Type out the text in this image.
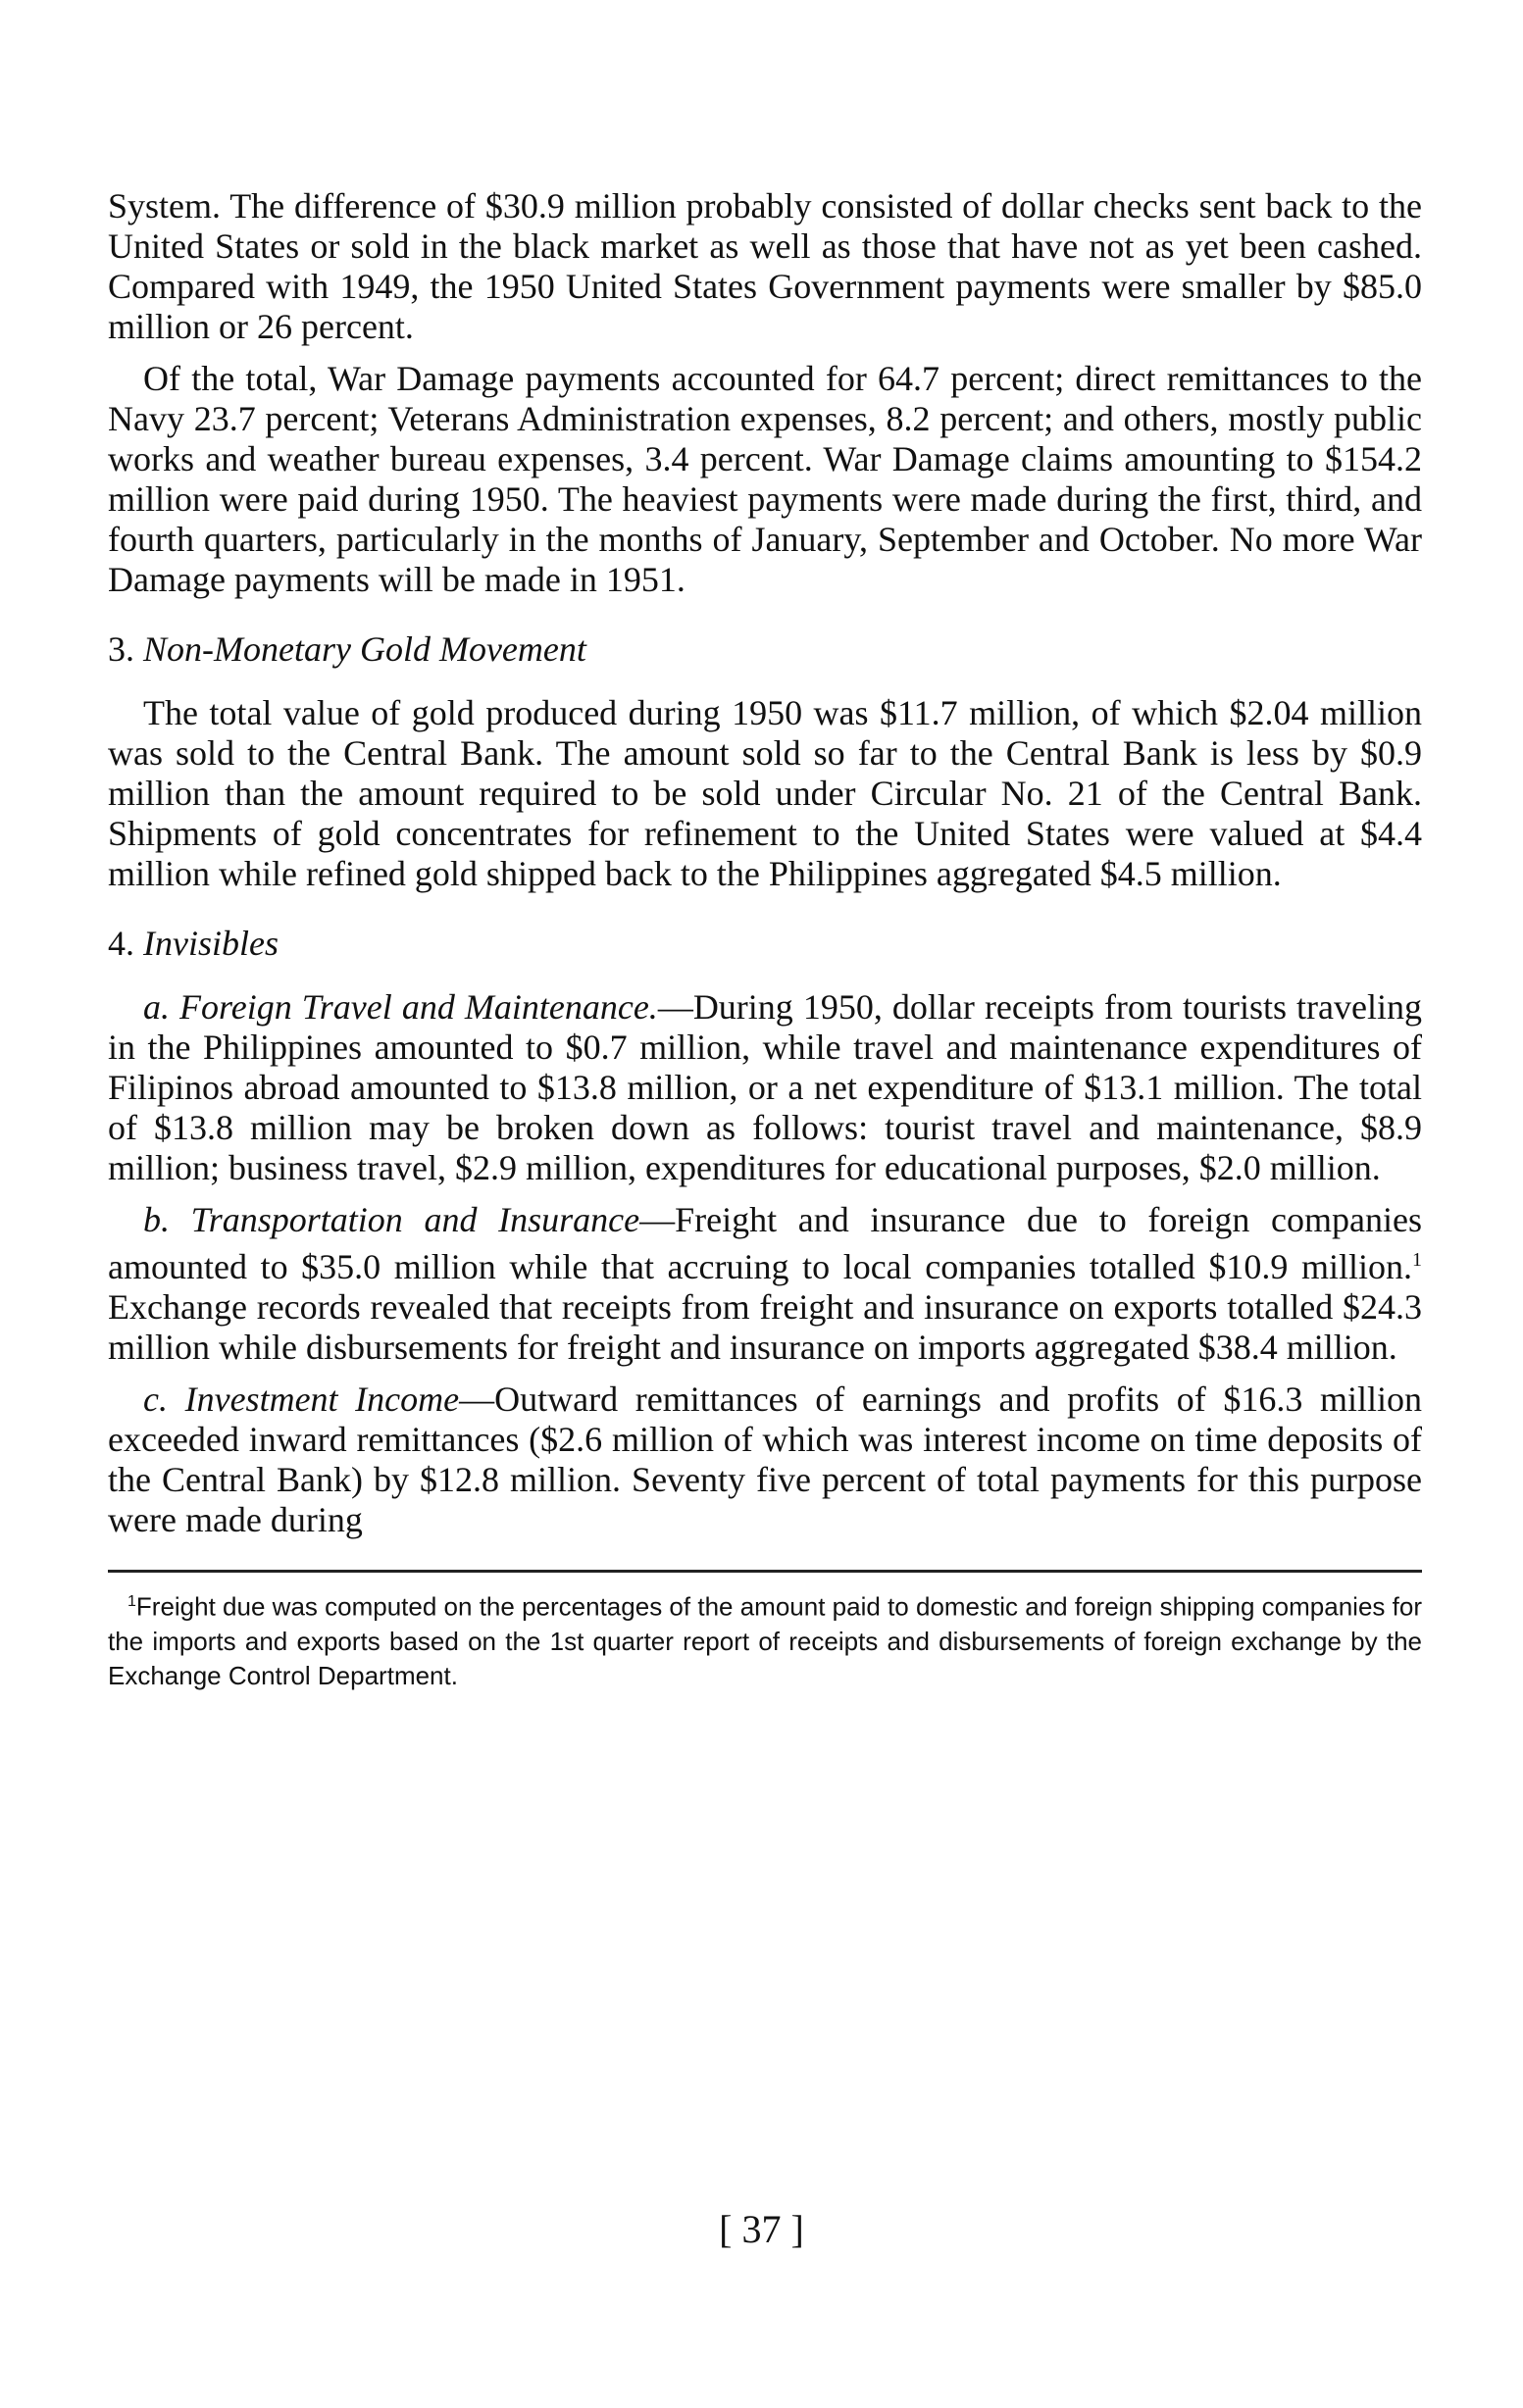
System. The difference of $30.9 million probably consisted of dollar checks sent back to the United States or sold in the black market as well as those that have not as yet been cashed. Compared with 1949, the 1950 United States Government payments were smaller by $85.0 million or 26 percent.

Of the total, War Damage payments accounted for 64.7 percent; direct remittances to the Navy 23.7 percent; Veterans Administration expenses, 8.2 percent; and others, mostly public works and weather bureau expenses, 3.4 percent. War Damage claims amounting to $154.2 million were paid during 1950. The heaviest payments were made during the first, third, and fourth quarters, particularly in the months of January, September and October. No more War Damage payments will be made in 1951.

3. Non-Monetary Gold Movement

The total value of gold produced during 1950 was $11.7 million, of which $2.04 million was sold to the Central Bank. The amount sold so far to the Central Bank is less by $0.9 million than the amount required to be sold under Circular No. 21 of the Central Bank. Shipments of gold concentrates for refinement to the United States were valued at $4.4 million while refined gold shipped back to the Philippines aggregated $4.5 million.

4. Invisibles

a. Foreign Travel and Maintenance.—During 1950, dollar receipts from tourists traveling in the Philippines amounted to $0.7 million, while travel and maintenance expenditures of Filipinos abroad amounted to $13.8 million, or a net expenditure of $13.1 million. The total of $13.8 million may be broken down as follows: tourist travel and maintenance, $8.9 million; business travel, $2.9 million, expenditures for educational purposes, $2.0 million.

b. Transportation and Insurance—Freight and insurance due to foreign companies amounted to $35.0 million while that accruing to local companies totalled $10.9 million.$^1$ Exchange records revealed that receipts from freight and insurance on exports totalled $24.3 million while disbursements for freight and insurance on imports aggregated $38.4 million.

c. Investment Income—Outward remittances of earnings and profits of $16.3 million exceeded inward remittances ($2.6 million of which was interest income on time deposits of the Central Bank) by $12.8 million. Seventy five percent of total payments for this purpose were made during

$^1$Freight due was computed on the percentages of the amount paid to domestic and foreign shipping companies for the imports and exports based on the 1st quarter report of receipts and disbursements of foreign exchange by the Exchange Control Department.

[ 37 ]
